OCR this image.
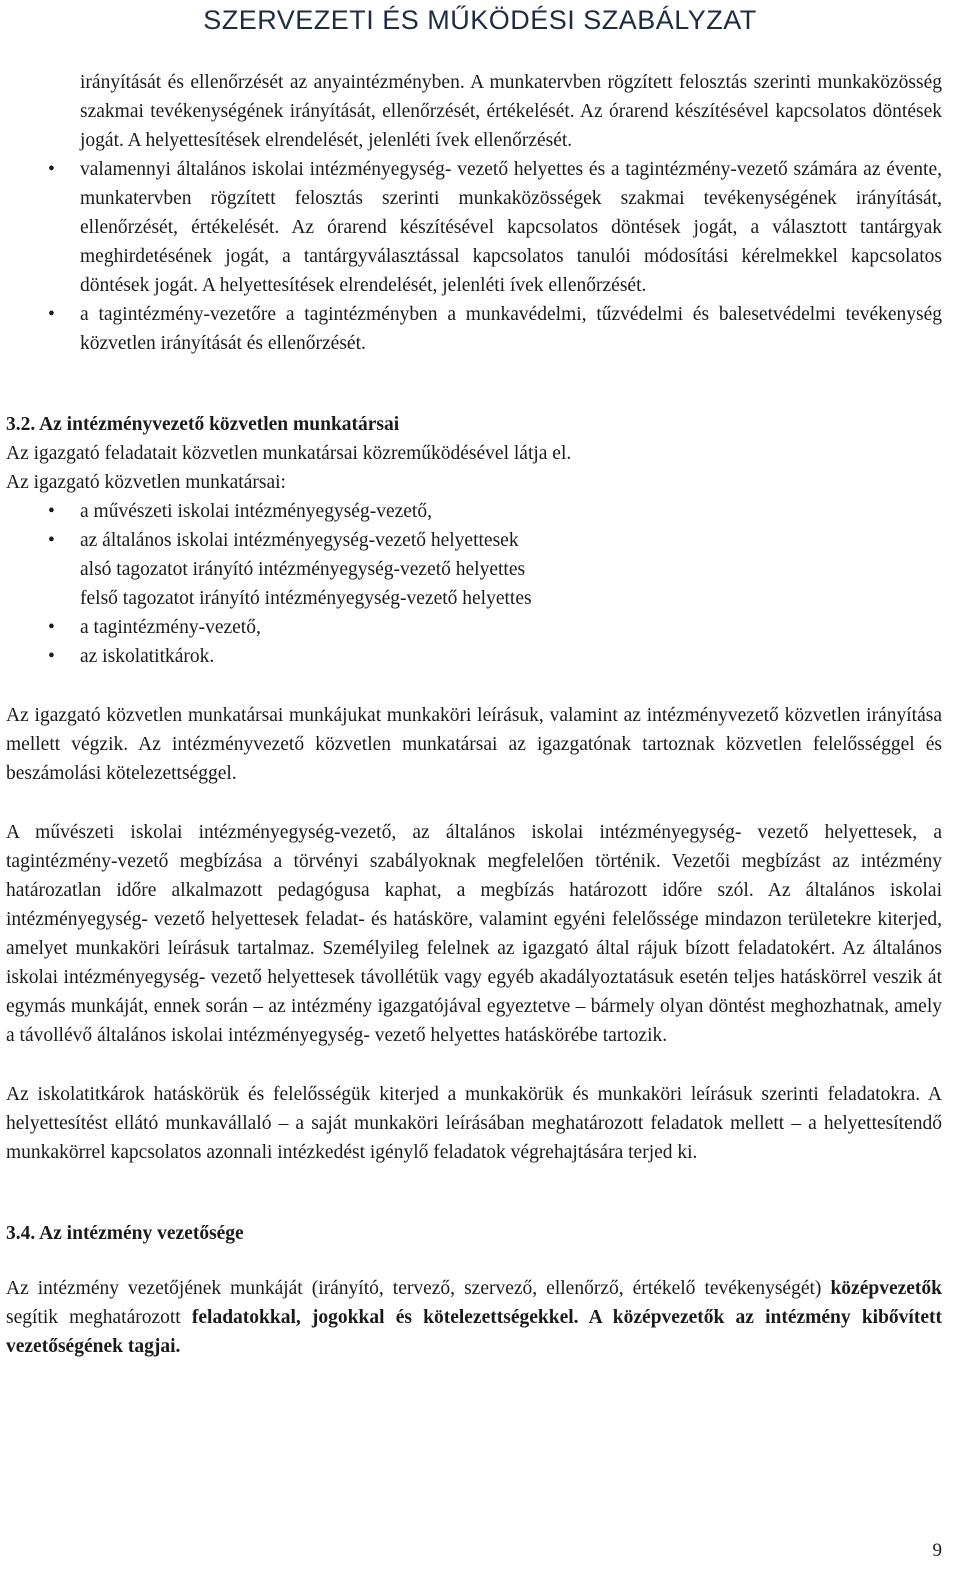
SZERVEZETI ÉS MŰKÖDÉSI SZABÁLYZAT

irányítását és ellenőrzését az anyaintézményben. A munkatervben rögzített felosztás szerinti munkaközösség szakmai tevékenységének irányítását, ellenőrzését, értékelését. Az órarend készítésével kapcsolatos döntések jogát. A helyettesítések elrendelését, jelenléti ívek ellenőrzését.

• valamennyi általános iskolai intézményegység- vezető helyettes és a tagintézmény-vezető számára az évente, munkatervben rögzített felosztás szerinti munkaközösségek szakmai tevékenységének irányítását, ellenőrzését, értékelését. Az órarend készítésével kapcsolatos döntések jogát, a választott tantárgyak meghirdetésének jogát, a tantárgyválasztással kapcsolatos tanulói módosítási kérelmekkel kapcsolatos döntések jogát. A helyettesítések elrendelését, jelenléti ívek ellenőrzését.

• a tagintézmény-vezetőre a tagintézményben a munkavédelmi, tűzvédelmi és balesetvédelmi tevékenység közvetlen irányítását és ellenőrzését.

3.2. Az intézményvezető közvetlen munkatársai

Az igazgató feladatait közvetlen munkatársai közreműködésével látja el.

Az igazgató közvetlen munkatársai:

• a művészeti iskolai intézményegység-vezető,

• az általános iskolai intézményegység-vezető helyettesek

alsó tagozatot irányító intézményegység-vezető helyettes

felső tagozatot irányító intézményegység-vezető helyettes

• a tagintézmény-vezető,

• az iskolatitkárok.

Az igazgató közvetlen munkatársai munkájukat munkaköri leírásuk, valamint az intézményvezető közvetlen irányítása mellett végzik. Az intézményvezető közvetlen munkatársai az igazgatónak tartoznak közvetlen felelősséggel és beszámolási kötelezettséggel.

A művészeti iskolai intézményegység-vezető, az általános iskolai intézményegység- vezető helyettesek, a tagintézmény-vezető megbízása a törvényi szabályoknak megfelelően történik. Vezetői megbízást az intézmény határozatlan időre alkalmazott pedagógusa kaphat, a megbízás határozott időre szól. Az általános iskolai intézményegység- vezető helyettesek feladat- és hatásköre, valamint egyéni felelőssége mindazon területekre kiterjed, amelyet munkaköri leírásuk tartalmaz. Személyileg felelnek az igazgató által rájuk bízott feladatokért. Az általános iskolai intézményegység- vezető helyettesek távollétük vagy egyéb akadályoztatásuk esetén teljes hatáskörrel veszik át egymás munkáját, ennek során – az intézmény igazgatójával egyeztetve – bármely olyan döntést meghozhatnak, amely a távollévő általános iskolai intézményegység- vezető helyettes hatáskörébe tartozik.

Az iskolatitkárok hatáskörük és felelősségük kiterjed a munkakörük és munkaköri leírásuk szerinti feladatokra. A helyettesítést ellátó munkavállaló – a saját munkaköri leírásában meghatározott feladatok mellett – a helyettesítendő munkakörrel kapcsolatos azonnali intézkedést igénylő feladatok végrehajtására terjed ki.

3.4. Az intézmény vezetősége

Az intézmény vezetőjének munkáját (irányító, tervező, szervező, ellenőrző, értékelő tevékenységét) középvezetők segítik meghatározott feladatokkal, jogokkal és kötelezettségekkel. A középvezetők az intézmény kibővített vezetőségének tagjai.

9
